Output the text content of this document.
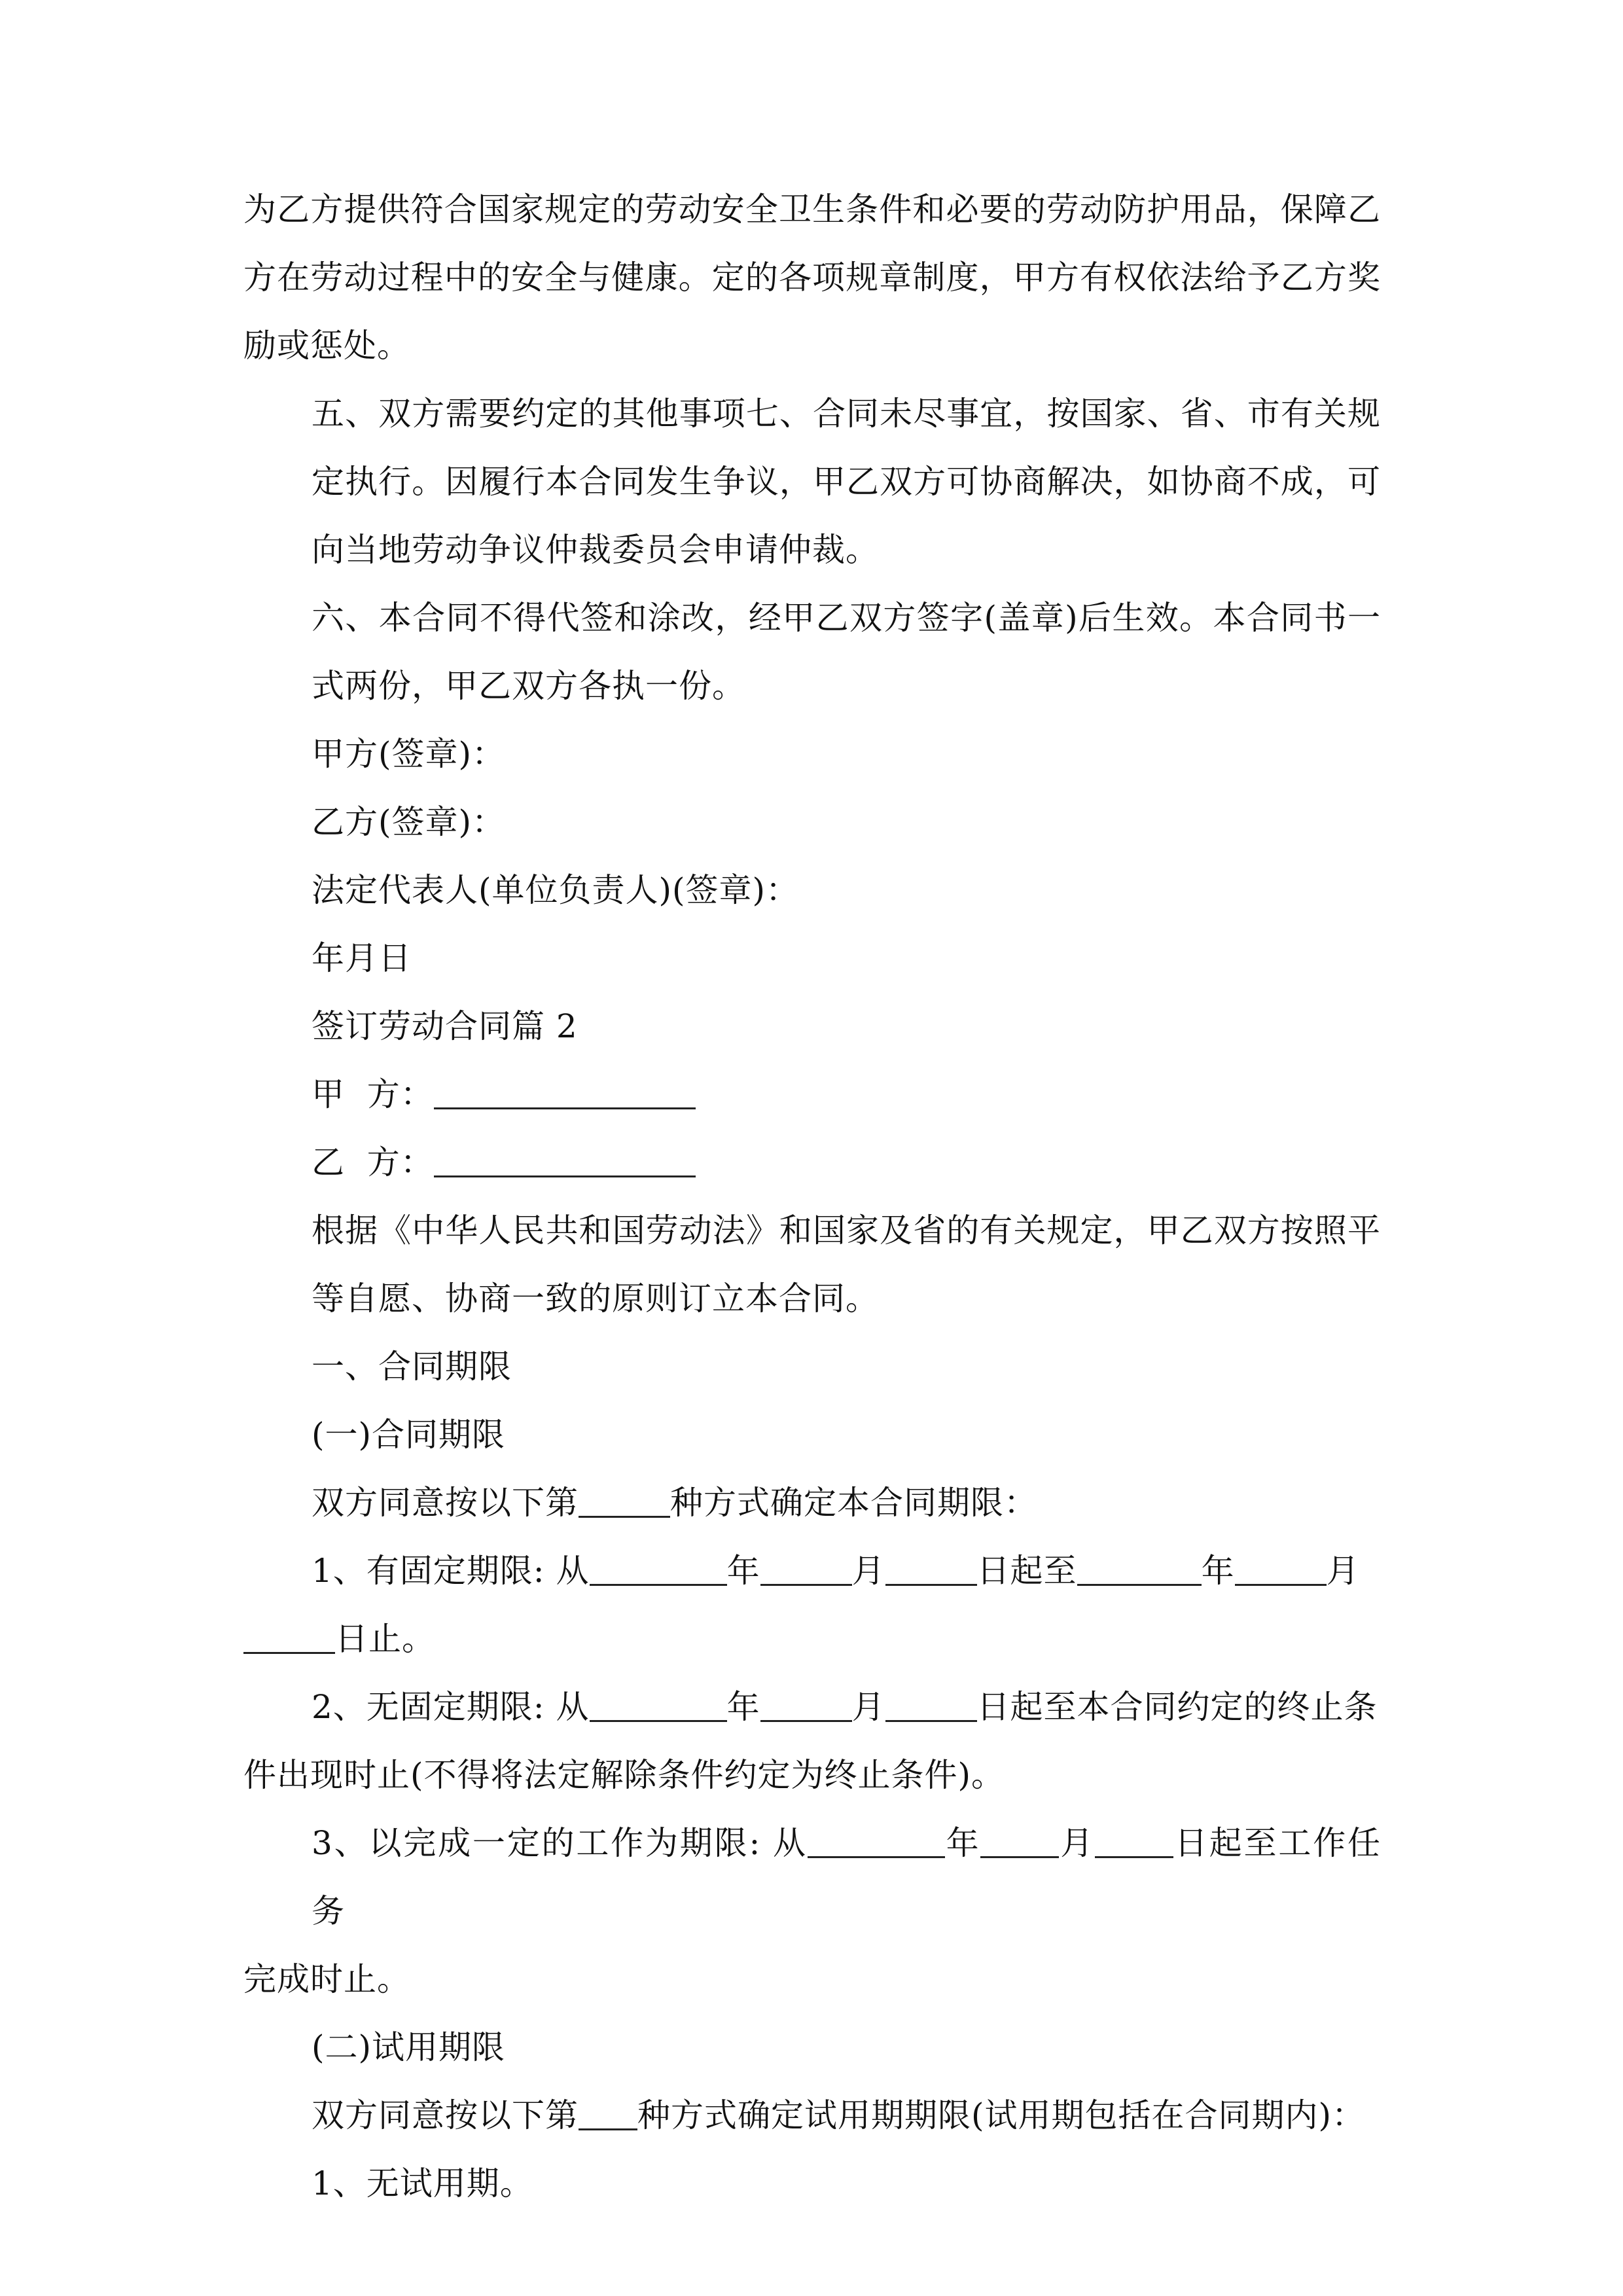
为乙方提供符合国家规定的劳动安全卫生条件和必要的劳动防护用品，保障乙方在劳动过程中的安全与健康。定的各项规章制度，甲方有权依法给予乙方奖励或惩处。

五、双方需要约定的其他事项七、合同未尽事宜，按国家、省、市有关规定执行。因履行本合同发生争议，甲乙双方可协商解决，如协商不成，可向当地劳动争议仲裁委员会申请仲裁。

六、本合同不得代签和涂改，经甲乙双方签字(盖章)后生效。本合同书一式两份，甲乙双方各执一份。

甲方(签章)：

乙方(签章)：

法定代表人(单位负责人)(签章)：

年月日

签订劳动合同篇 2

甲  方：

乙  方：

根据《中华人民共和国劳动法》和国家及省的有关规定，甲乙双方按照平等自愿、协商一致的原则订立本合同。

一、合同期限

(一)合同期限

双方同意按以下第	种方式确定本合同期限：

1、有固定期限: 从	年	月	日起至	年	月

日止。

2、无固定期限: 从	年	月	日起至本合同约定的终止条

件出现时止(不得将法定解除条件约定为终止条件)。

3、以完成一定的工作为期限: 从	年 月 日起至工作任务

完成时止。

(二)试用期限

双方同意按以下第 种方式确定试用期期限(试用期包括在合同期内)：

1、无试用期。
